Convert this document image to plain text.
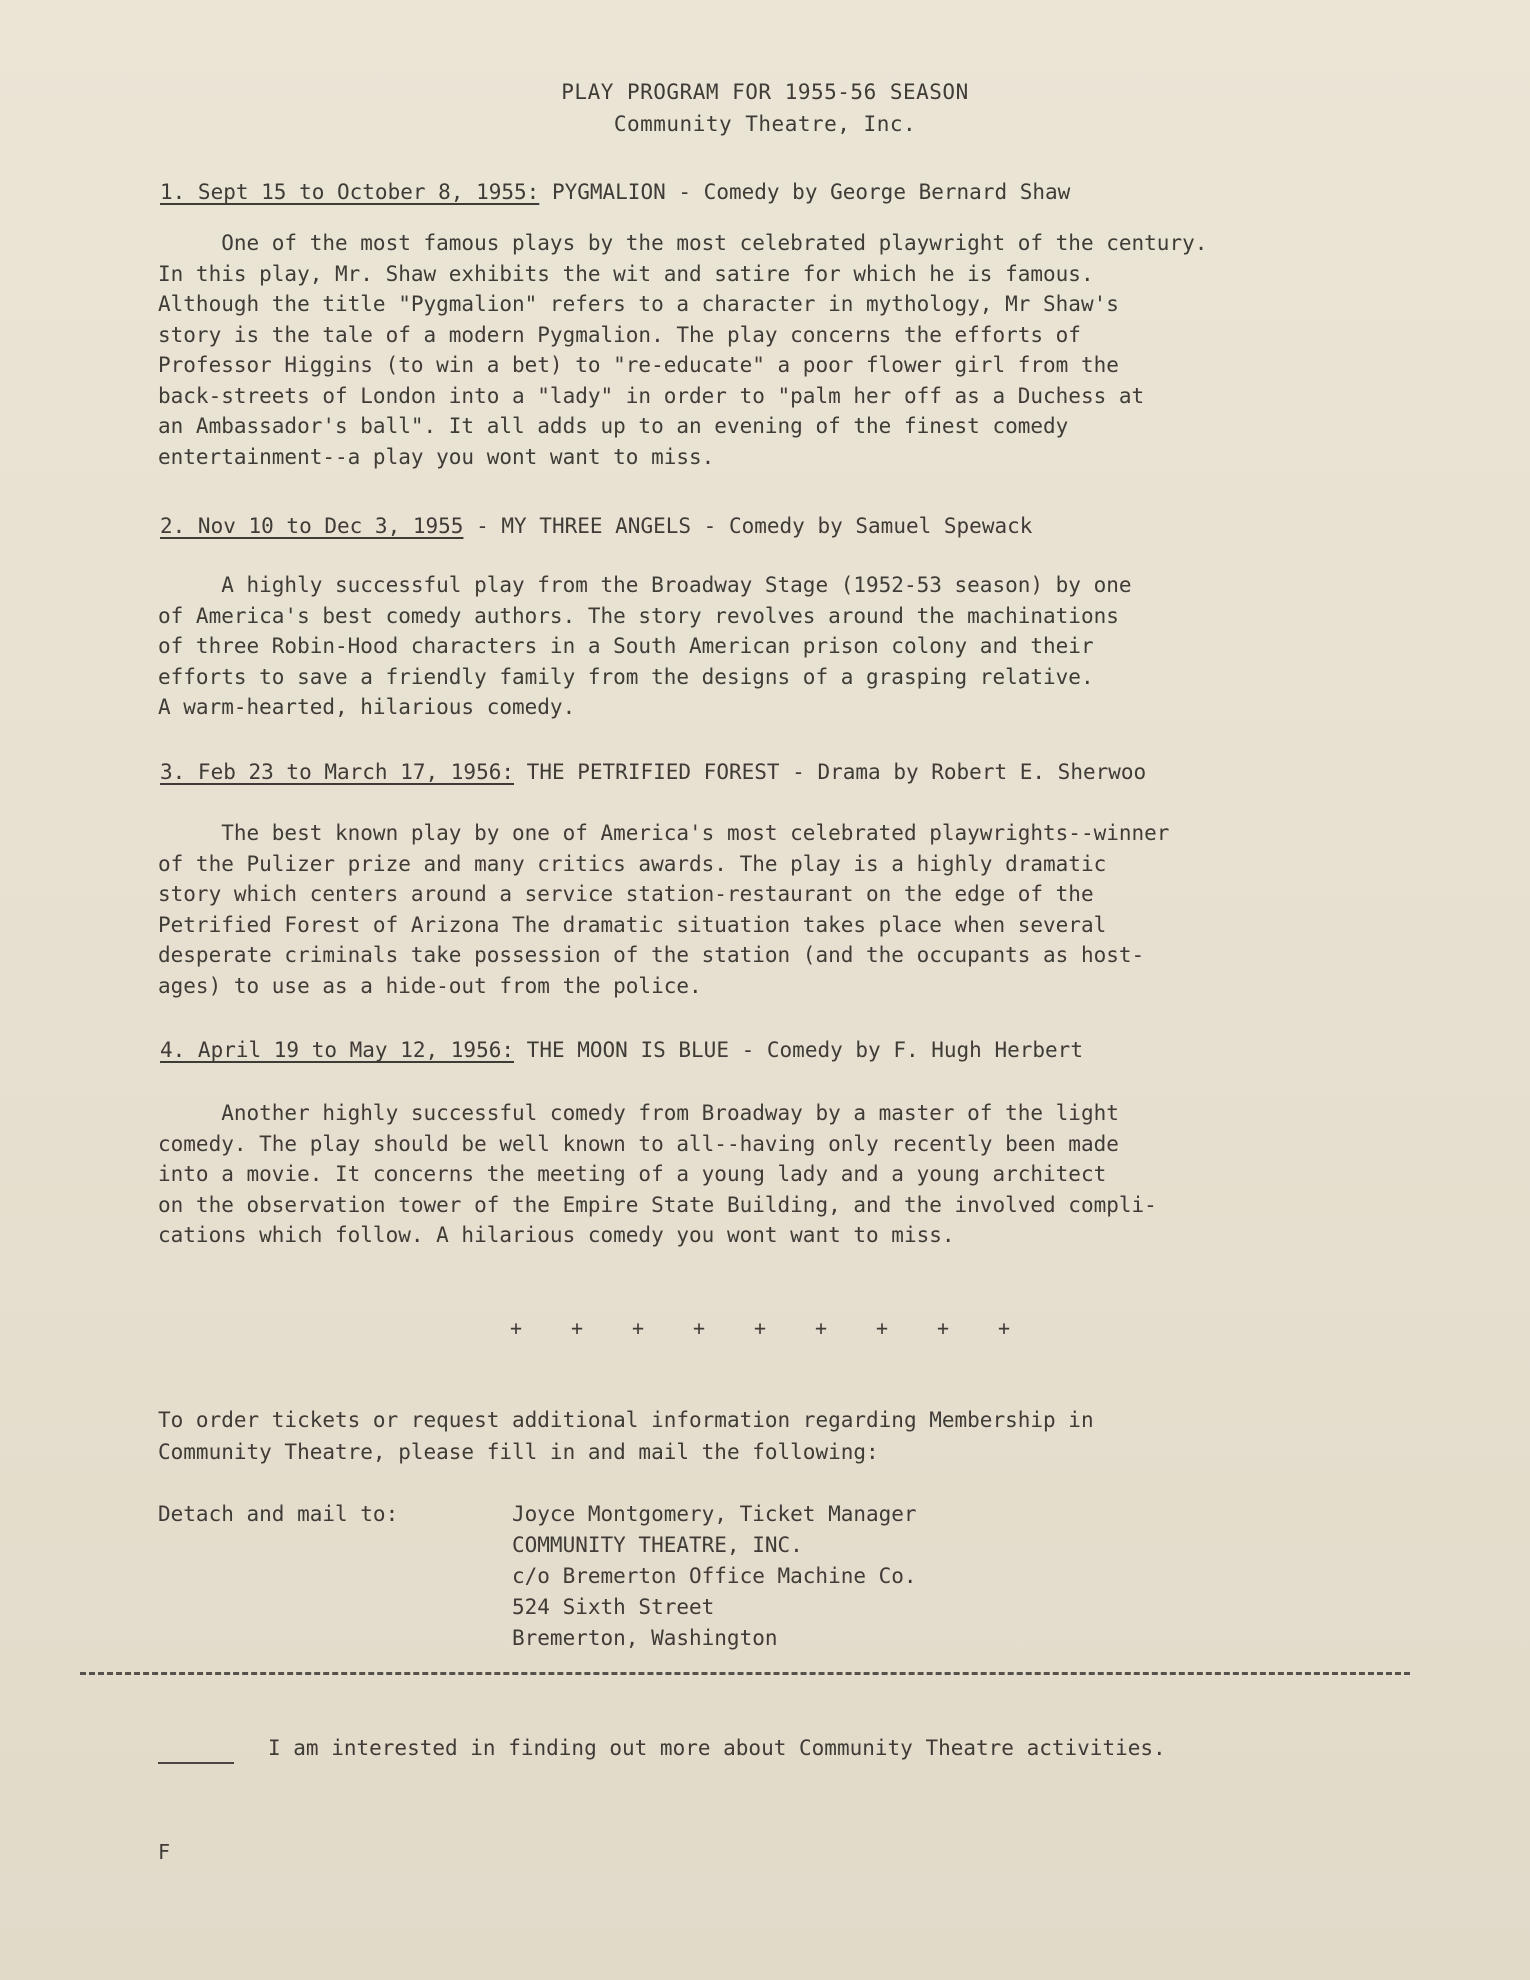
PLAY PROGRAM FOR 1955-56 SEASON
Community Theatre, Inc.
1. Sept 15 to October 8, 1955: PYGMALION - Comedy by George Bernard Shaw
One of the most famous plays by the most celebrated playwright of the century.
In this play, Mr. Shaw exhibits the wit and satire for which he is famous.
Although the title "Pygmalion" refers to a character in mythology, Mr Shaw's
story is the tale of a modern Pygmalion. The play concerns the efforts of
Professor Higgins (to win a bet) to "re-educate" a poor flower girl from the
back-streets of London into a "lady" in order to "palm her off as a Duchess at
an Ambassador's ball". It all adds up to an evening of the finest comedy
entertainment--a play you wont want to miss.
2. Nov 10 to Dec 3, 1955 - MY THREE ANGELS - Comedy by Samuel Spewack
A highly successful play from the Broadway Stage (1952-53 season) by one
of America's best comedy authors. The story revolves around the machinations
of three Robin-Hood characters in a South American prison colony and their
efforts to save a friendly family from the designs of a grasping relative.
A warm-hearted, hilarious comedy.
3. Feb 23 to March 17, 1956: THE PETRIFIED FOREST - Drama by Robert E. Sherwoo
The best known play by one of America's most celebrated playwrights--winner
of the Pulizer prize and many critics awards. The play is a highly dramatic
story which centers around a service station-restaurant on the edge of the
Petrified Forest of Arizona The dramatic situation takes place when several
desperate criminals take possession of the station (and the occupants as host-
ages) to use as a hide-out from the police.
4. April 19 to May 12, 1956: THE MOON IS BLUE - Comedy by F. Hugh Herbert
Another highly successful comedy from Broadway by a master of the light
comedy. The play should be well known to all--having only recently been made
into a movie. It concerns the meeting of a young lady and a young architect
on the observation tower of the Empire State Building, and the involved compli-
cations which follow. A hilarious comedy you wont want to miss.
+ + + + + + + + +
To order tickets or request additional information regarding Membership in
Community Theatre, please fill in and mail the following:
Detach and mail to:	Joyce Montgomery, Ticket Manager
COMMUNITY THEATRE, INC.
c/o Bremerton Office Machine Co.
524 Sixth Street
Bremerton, Washington
I am interested in finding out more about Community Theatre activities.
F
